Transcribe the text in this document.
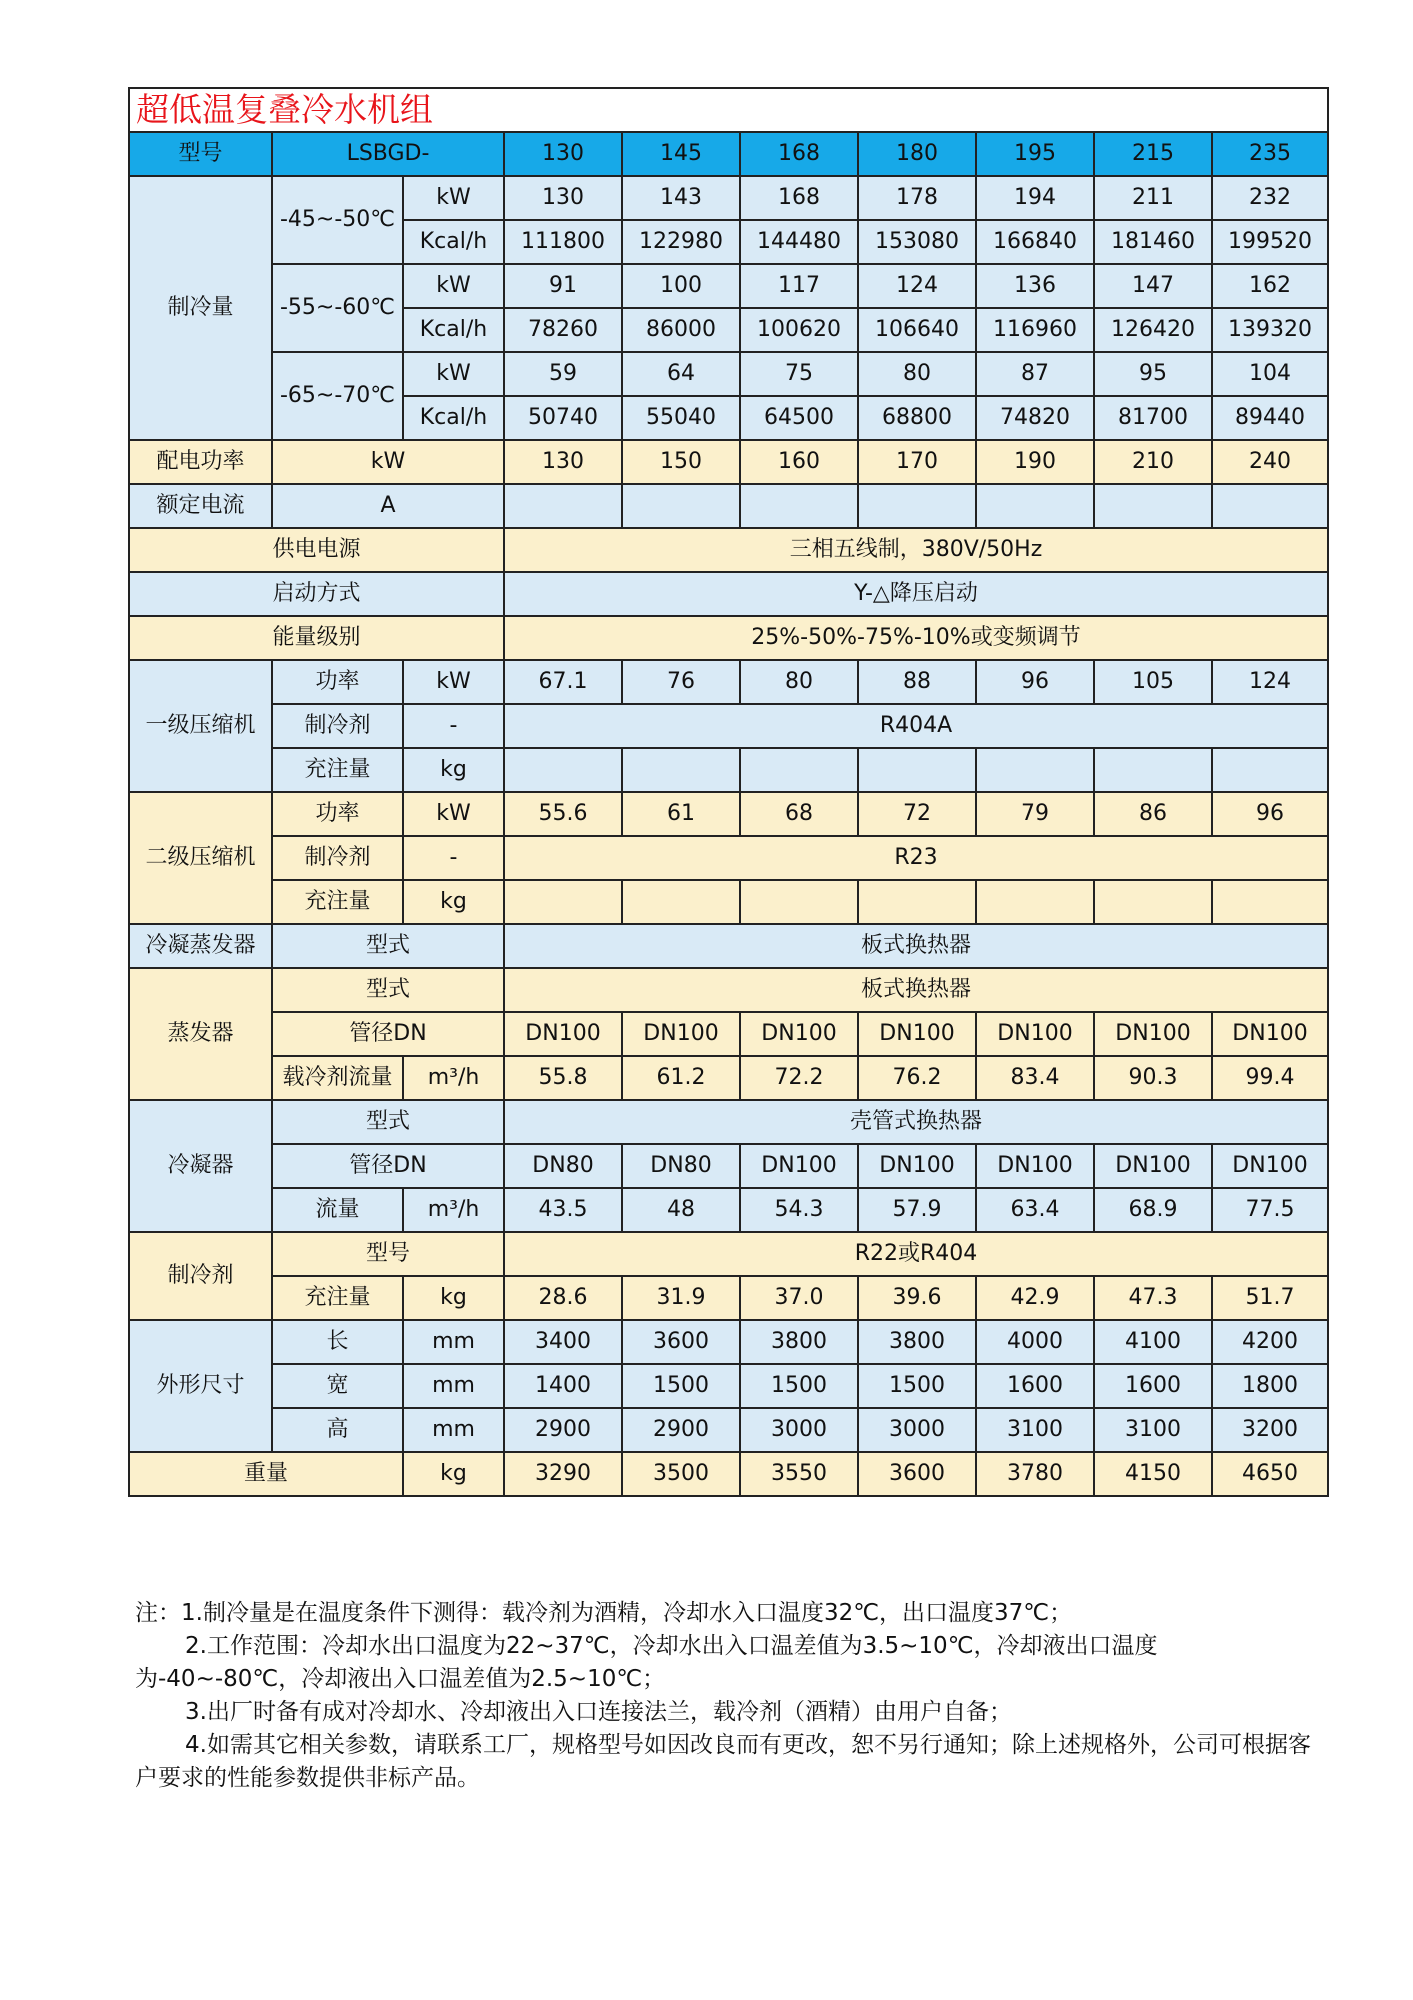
超低温复叠冷水机组									
型号	LSBGD-		130	145	168	180	195	215	235
制冷量	-45~-50℃	kW	130	143	168	178	194	211	232
		Kcal/h	111800	122980	144480	153080	166840	181460	199520
	-55~-60℃	kW	91	100	117	124	136	147	162
		Kcal/h	78260	86000	100620	106640	116960	126420	139320
	-65~-70℃	kW	59	64	75	80	87	95	104
		Kcal/h	50740	55040	64500	68800	74820	81700	89440
配电功率	kW		130	150	160	170	190	210	240
额定电流	A								
供电电源			三相五线制，380V/50Hz						
启动方式			Y-△降压启动						
能量级别			25%-50%-75%-10%或变频调节						
一级压缩机	功率	kW	67.1	76	80	88	96	105	124
	制冷剂	-	R404A						
	充注量	kg							
二级压缩机	功率	kW	55.6	61	68	72	79	86	96
	制冷剂	-	R23						
	充注量	kg							
冷凝蒸发器	型式		板式换热器						
蒸发器	型式		板式换热器						
	管径DN		DN100	DN100	DN100	DN100	DN100	DN100	DN100
	载冷剂流量	m³/h	55.8	61.2	72.2	76.2	83.4	90.3	99.4
冷凝器	型式		壳管式换热器						
	管径DN		DN80	DN80	DN100	DN100	DN100	DN100	DN100
	流量	m³/h	43.5	48	54.3	57.9	63.4	68.9	77.5
制冷剂	型号		R22或R404						
	充注量	kg	28.6	31.9	37.0	39.6	42.9	47.3	51.7
外形尺寸	长	mm	3400	3600	3800	3800	4000	4100	4200
	宽	mm	1400	1500	1500	1500	1600	1600	1800
	高	mm	2900	2900	3000	3000	3100	3100	3200
重量		kg	3290	3500	3550	3600	3780	4150	4650

注：1.制冷量是在温度条件下测得：载冷剂为酒精，冷却水入口温度32℃，出口温度37℃；

2.工作范围：冷却水出口温度为22~37℃，冷却水出入口温差值为3.5~10℃，冷却液出口温度为-40~-80℃，冷却液出入口温差值为2.5~10℃；

3.出厂时备有成对冷却水、冷却液出入口连接法兰，载冷剂（酒精）由用户自备；

4.如需其它相关参数，请联系工厂，规格型号如因改良而有更改，恕不另行通知；除上述规格外，公司可根据客户要求的性能参数提供非标产品。
